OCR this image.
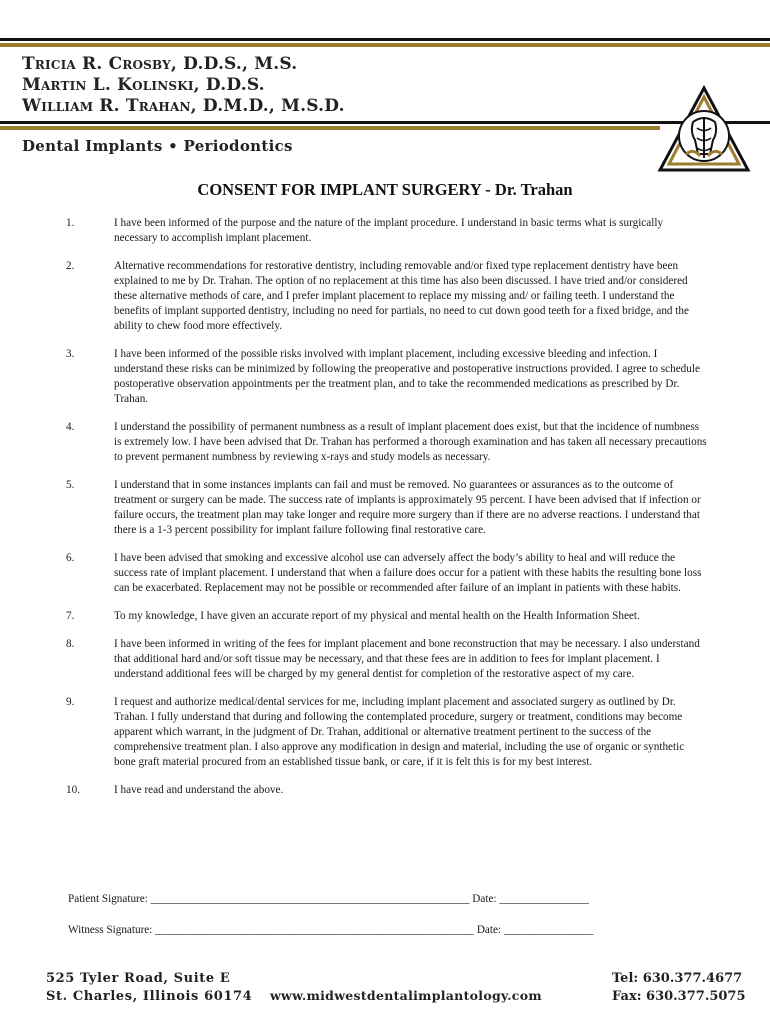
Tricia R. Crosby, D.D.S., M.S.
Martin L. Kolinski, D.D.S.
William R. Trahan, D.M.D., M.S.D.
Dental Implants • Periodontics
CONSENT FOR IMPLANT SURGERY - Dr. Trahan
1.	I have been informed of the purpose and the nature of the implant procedure. I understand in basic terms what is surgically necessary to accomplish implant placement.
2.	Alternative recommendations for restorative dentistry, including removable and/or fixed type replacement dentistry have been explained to me by Dr. Trahan. The option of no replacement at this time has also been discussed. I have tried and/or considered these alternative methods of care, and I prefer implant placement to replace my missing and/ or failing teeth. I understand the benefits of implant supported dentistry, including no need for partials, no need to cut down good teeth for a fixed bridge, and the ability to chew food more effectively.
3.	I have been informed of the possible risks involved with implant placement, including excessive bleeding and infection. I understand these risks can be minimized by following the preoperative and postoperative instructions provided. I agree to schedule postoperative observation appointments per the treatment plan, and to take the recommended medications as prescribed by Dr. Trahan.
4.	I understand the possibility of permanent numbness as a result of implant placement does exist, but that the incidence of numbness is extremely low. I have been advised that Dr. Trahan has performed a thorough examination and has taken all necessary precautions to prevent permanent numbness by reviewing x-rays and study models as necessary.
5.	I understand that in some instances implants can fail and must be removed. No guarantees or assurances as to the outcome of treatment or surgery can be made. The success rate of implants is approximately 95 percent. I have been advised that if infection or failure occurs, the treatment plan may take longer and require more surgery than if there are no adverse reactions. I understand that there is a 1-3 percent possibility for implant failure following final restorative care.
6.	I have been advised that smoking and excessive alcohol use can adversely affect the body’s ability to heal and will reduce the success rate of implant placement. I understand that when a failure does occur for a patient with these habits the resulting bone loss can be exacerbated. Replacement may not be possible or recommended after failure of an implant in patients with these habits.
7.	To my knowledge, I have given an accurate report of my physical and mental health on the Health Information Sheet.
8.	I have been informed in writing of the fees for implant placement and bone reconstruction that may be necessary. I also understand that additional hard and/or soft tissue may be necessary, and that these fees are in addition to fees for implant placement. I understand additional fees will be charged by my general dentist for completion of the restorative aspect of my care.
9.	I request and authorize medical/dental services for me, including implant placement and associated surgery as outlined by Dr. Trahan. I fully understand that during and following the contemplated procedure, surgery or treatment, conditions may become apparent which warrant, in the judgment of Dr. Trahan, additional or alternative treatment pertinent to the success of the comprehensive treatment plan. I also approve any modification in design and material, including the use of organic or synthetic bone graft material procured from an established tissue bank, or care, if it is felt this is for my best interest.
10.	I have read and understand the above.
Patient Signature: _________________________________________________________ Date: ________________
Witness Signature: _________________________________________________________ Date: ________________
525 Tyler Road, Suite E
St. Charles, Illinois 60174 www.midwestdentalimplantology.com
Tel: 630.377.4677
Fax: 630.377.5075
